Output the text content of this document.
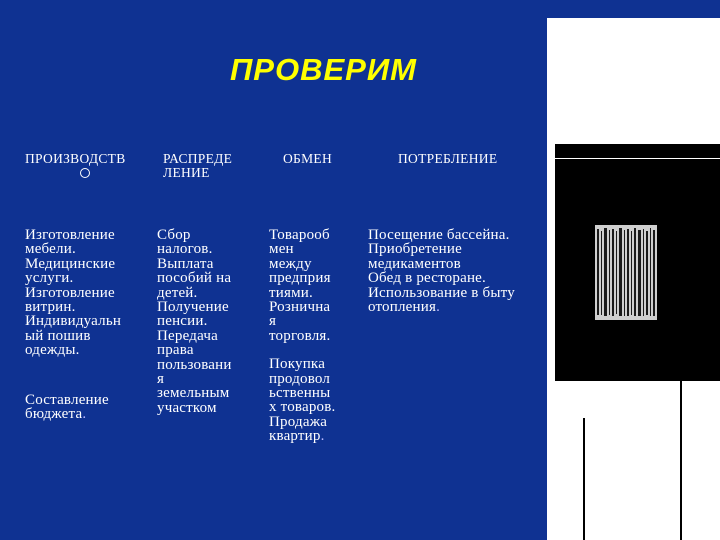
ПРОВЕРИМ
ПРОИЗВОДСТВ	РАСПРЕДЕ
ЛЕНИЕ
ОБМЕН	ПОТРЕБЛЕНИЕ

Изготовление
мебели.
Медицинские
услуги.
Изготовление
витрин.
Индивидуальн
ый пошив
одежды.

Составление
бюджета.

Сбор
налогов.
Выплата
пособий на
детей.
Получение
пенсии.
Передача
права
пользовани
я
земельным
участком

Товарооб
мен
между
предприя
тиями.
Рознична
я
торговля.

Покупка
продовол
ьственны
х товаров.
Продажа
квартир.

Посещение бассейна.
Приобретение
медикаментов
Обед в ресторане.
Использование в быту
отопления.
